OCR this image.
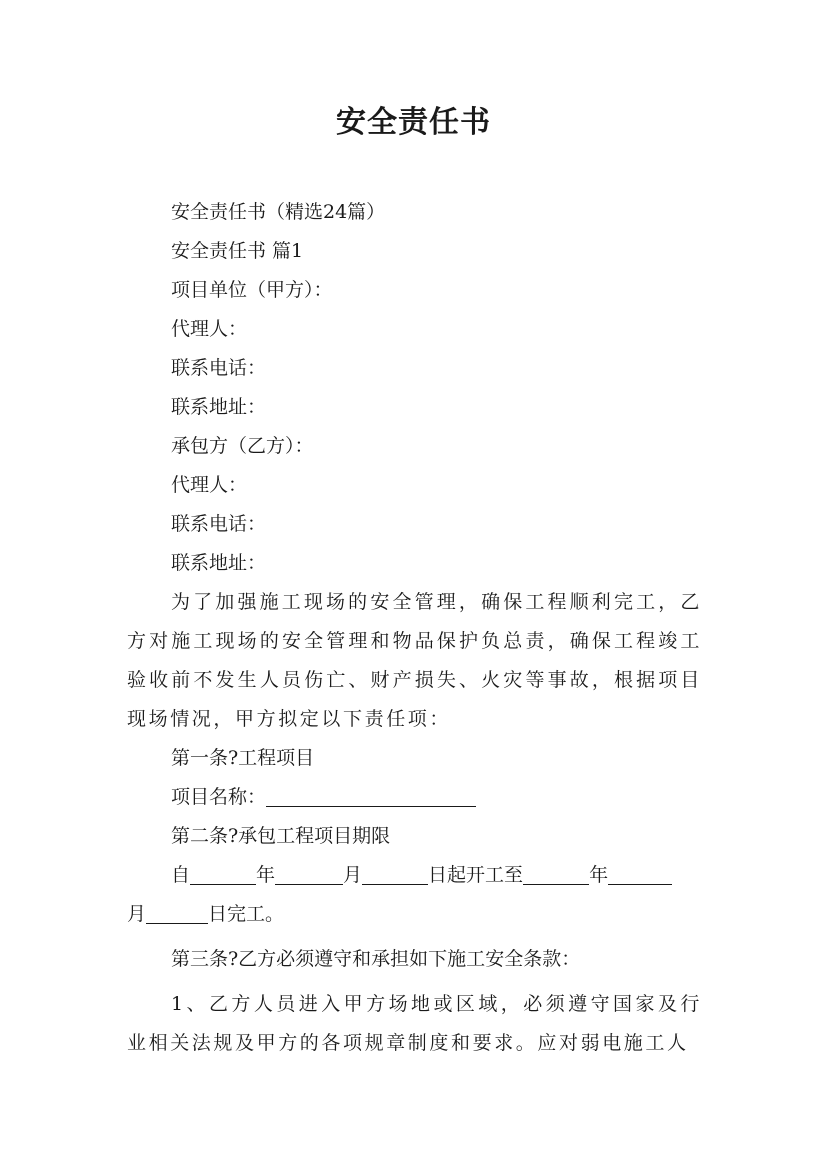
安全责任书
安全责任书（精选24篇）
安全责任书 篇1
项目单位（甲方）：
代理人：
联系电话：
联系地址：
承包方（乙方）：
代理人：
联系电话：
联系地址：

为了加强施工现场的安全管理，确保工程顺利完工，乙方对施工现场的安全管理和物品保护负总责，确保工程竣工验收前不发生人员伤亡、财产损失、火灾等事故，根据项目现场情况，甲方拟定以下责任项：

第一条?工程项目
项目名称：
第二条?承包工程项目期限
自	年	月	日起开工至	年
月	日完工。
第三条?乙方必须遵守和承担如下施工安全条款：

1、乙方人员进入甲方场地或区域，必须遵守国家及行业相关法规及甲方的各项规章制度和要求。应对弱电施工人
